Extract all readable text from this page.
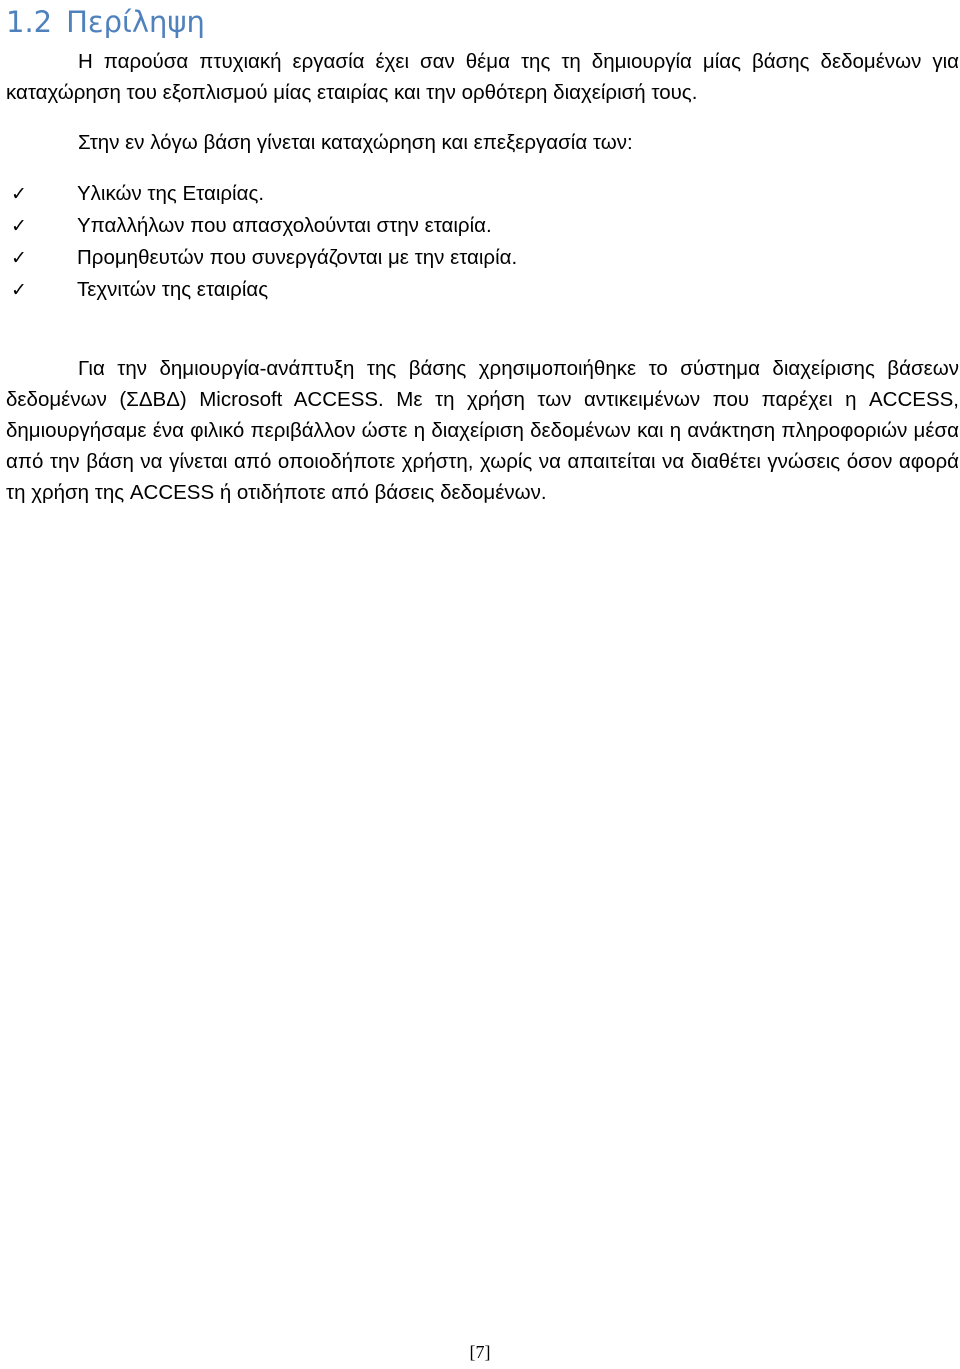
1.2 Περίληψη

Η παρούσα πτυχιακή εργασία έχει σαν θέμα της τη δημιουργία μίας βάσης δεδομένων για καταχώρηση του εξοπλισμού μίας εταιρίας και την ορθότερη διαχείρισή τους.

Στην εν λόγω βάση γίνεται καταχώρηση και επεξεργασία των:

✓ Υλικών της Εταιρίας.
✓ Υπαλλήλων που απασχολούνται στην εταιρία.
✓ Προμηθευτών που συνεργάζονται με την εταιρία.
✓ Τεχνιτών της εταιρίας

Για την δημιουργία-ανάπτυξη της βάσης χρησιμοποιήθηκε το σύστημα διαχείρισης βάσεων δεδομένων (ΣΔΒΔ) Microsoft ACCESS. Με τη χρήση των αντικειμένων που παρέχει η ACCESS, δημιουργήσαμε ένα φιλικό περιβάλλον ώστε η διαχείριση δεδομένων και η ανάκτηση πληροφοριών μέσα από την βάση να γίνεται από οποιοδήποτε χρήστη, χωρίς να απαιτείται να διαθέτει γνώσεις όσον αφορά τη χρήση της ACCESS ή οτιδήποτε από βάσεις δεδομένων.

[7]
